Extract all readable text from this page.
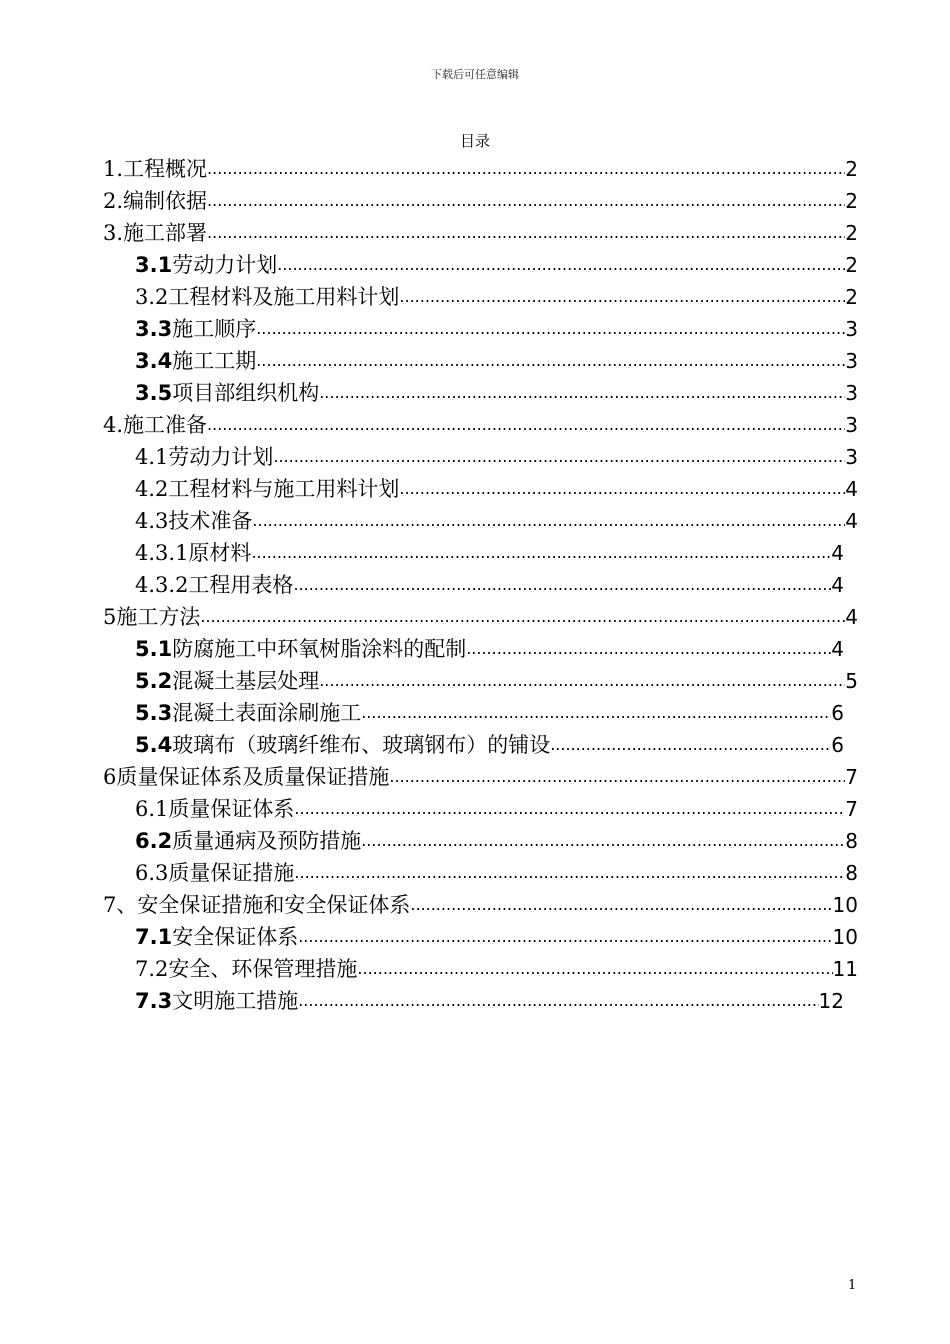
下载后可任意编辑
目录
1.工程概况 .....	2
2.编制依据 .....	2
3.施工部署 .....	2
3.1劳动力计划 .....	2
3.2工程材料及施工用料计划 .....	2
3.3施工顺序 .....	3
3.4施工工期 .....	3
3.5项目部组织机构 .....	3
4.施工准备 .....	3
4.1劳动力计划 .....	3
4.2工程材料与施工用料计划 .....	4
4.3技术准备 .....	4
4.3.1原材料 .....	4
4.3.2工程用表格 .....	4
5施工方法 .....	4
5.1防腐施工中环氧树脂涂料的配制 .....	4
5.2混凝土基层处理 .....	5
5.3混凝土表面涂刷施工 .....	6
5.4玻璃布（玻璃纤维布、玻璃钢布）的铺设 .....	6
6质量保证体系及质量保证措施 .....	7
6.1质量保证体系 .....	7
6.2质量通病及预防措施 .....	8
6.3质量保证措施 .....	8
7、安全保证措施和安全保证体系 .....	10
7.1安全保证体系 .....	10
7.2安全、环保管理措施 .....	11
7.3文明施工措施 .....	12
1
